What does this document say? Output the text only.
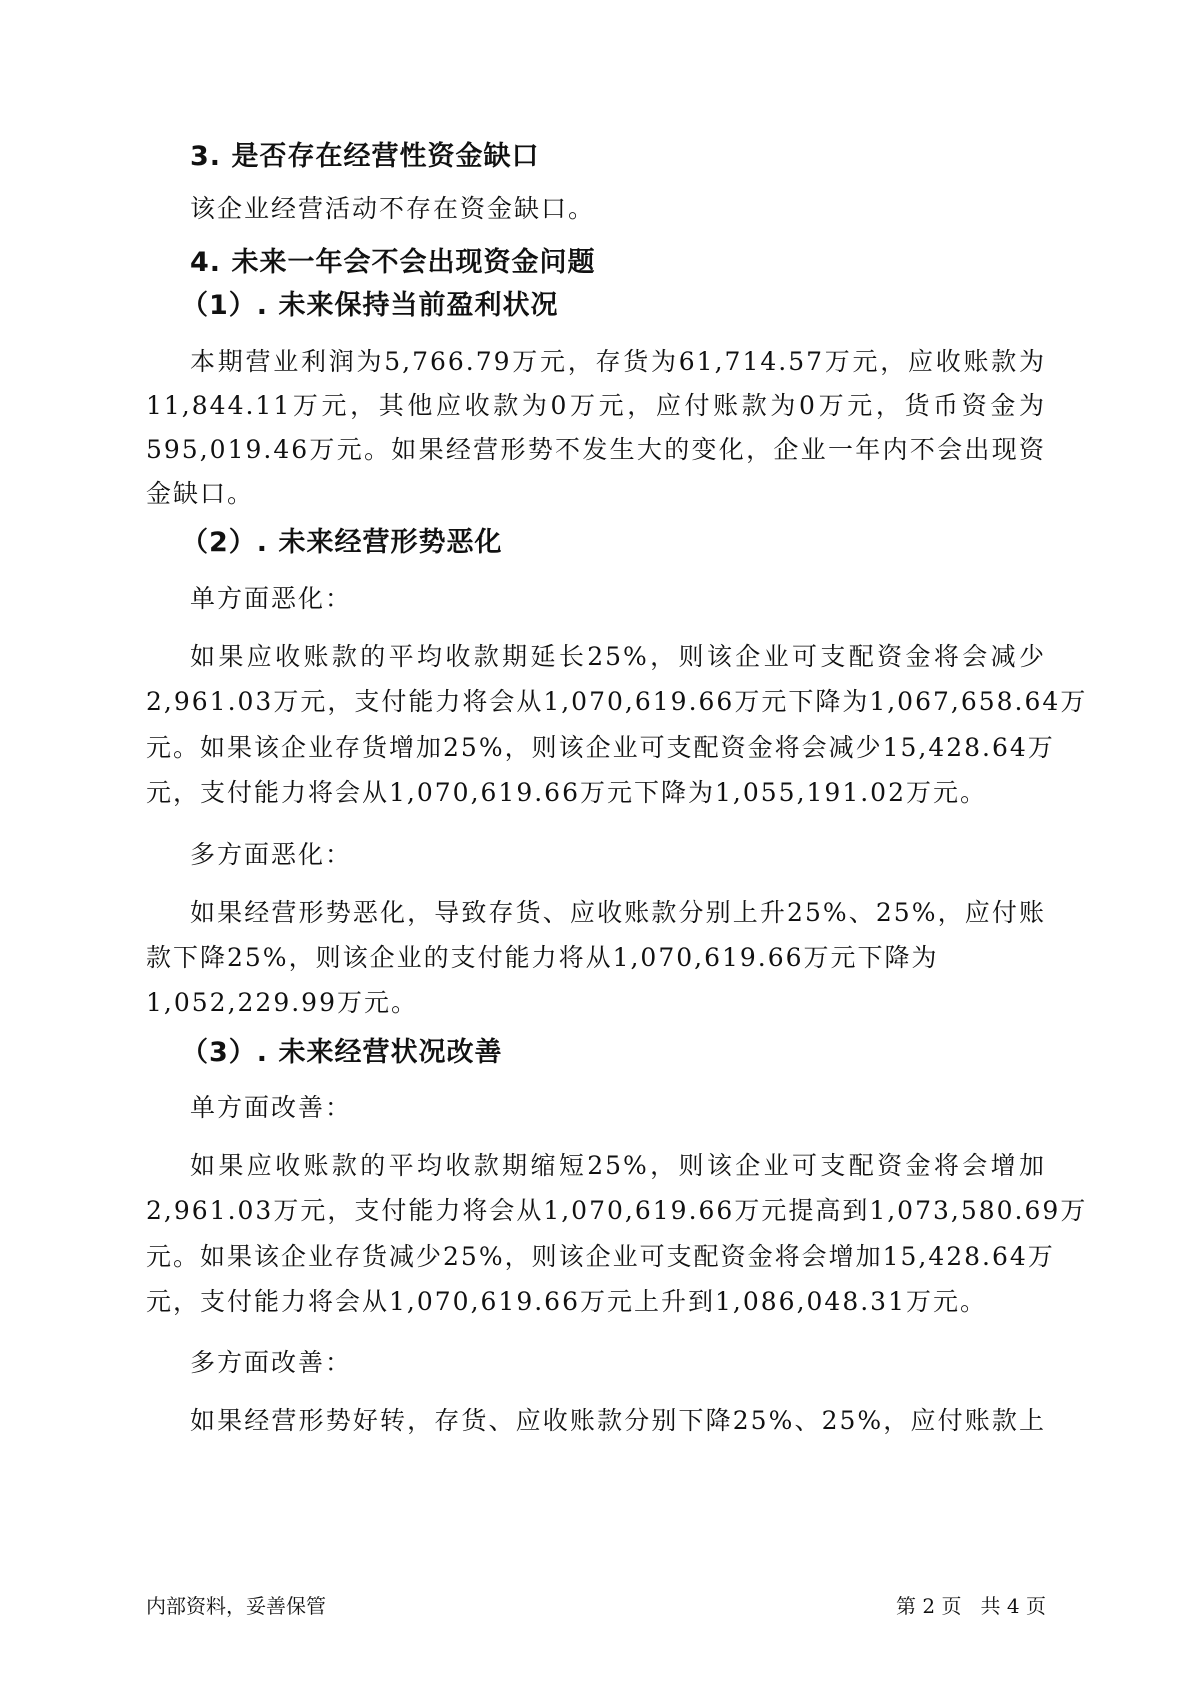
3. 是否存在经营性资金缺口
该企业经营活动不存在资金缺口。
4. 未来一年会不会出现资金问题
（1）. 未来保持当前盈利状况
本期营业利润为5,766.79万元，存货为61,714.57万元，应收账款为
11,844.11万元，其他应收款为0万元，应付账款为0万元，货币资金为
595,019.46万元。如果经营形势不发生大的变化，企业一年内不会出现资
金缺口。
（2）. 未来经营形势恶化
单方面恶化：
如果应收账款的平均收款期延长25%，则该企业可支配资金将会减少
2,961.03万元，支付能力将会从1,070,619.66万元下降为1,067,658.64万
元。如果该企业存货增加25%，则该企业可支配资金将会减少15,428.64万
元，支付能力将会从1,070,619.66万元下降为1,055,191.02万元。
多方面恶化：
如果经营形势恶化，导致存货、应收账款分别上升25%、25%，应付账
款下降25%，则该企业的支付能力将从1,070,619.66万元下降为
1,052,229.99万元。
（3）. 未来经营状况改善
单方面改善：
如果应收账款的平均收款期缩短25%，则该企业可支配资金将会增加
2,961.03万元，支付能力将会从1,070,619.66万元提高到1,073,580.69万
元。如果该企业存货减少25%，则该企业可支配资金将会增加15,428.64万
元，支付能力将会从1,070,619.66万元上升到1,086,048.31万元。
多方面改善：
如果经营形势好转，存货、应收账款分别下降25%、25%，应付账款上
内部资料，妥善保管	第 2 页   共 4 页
